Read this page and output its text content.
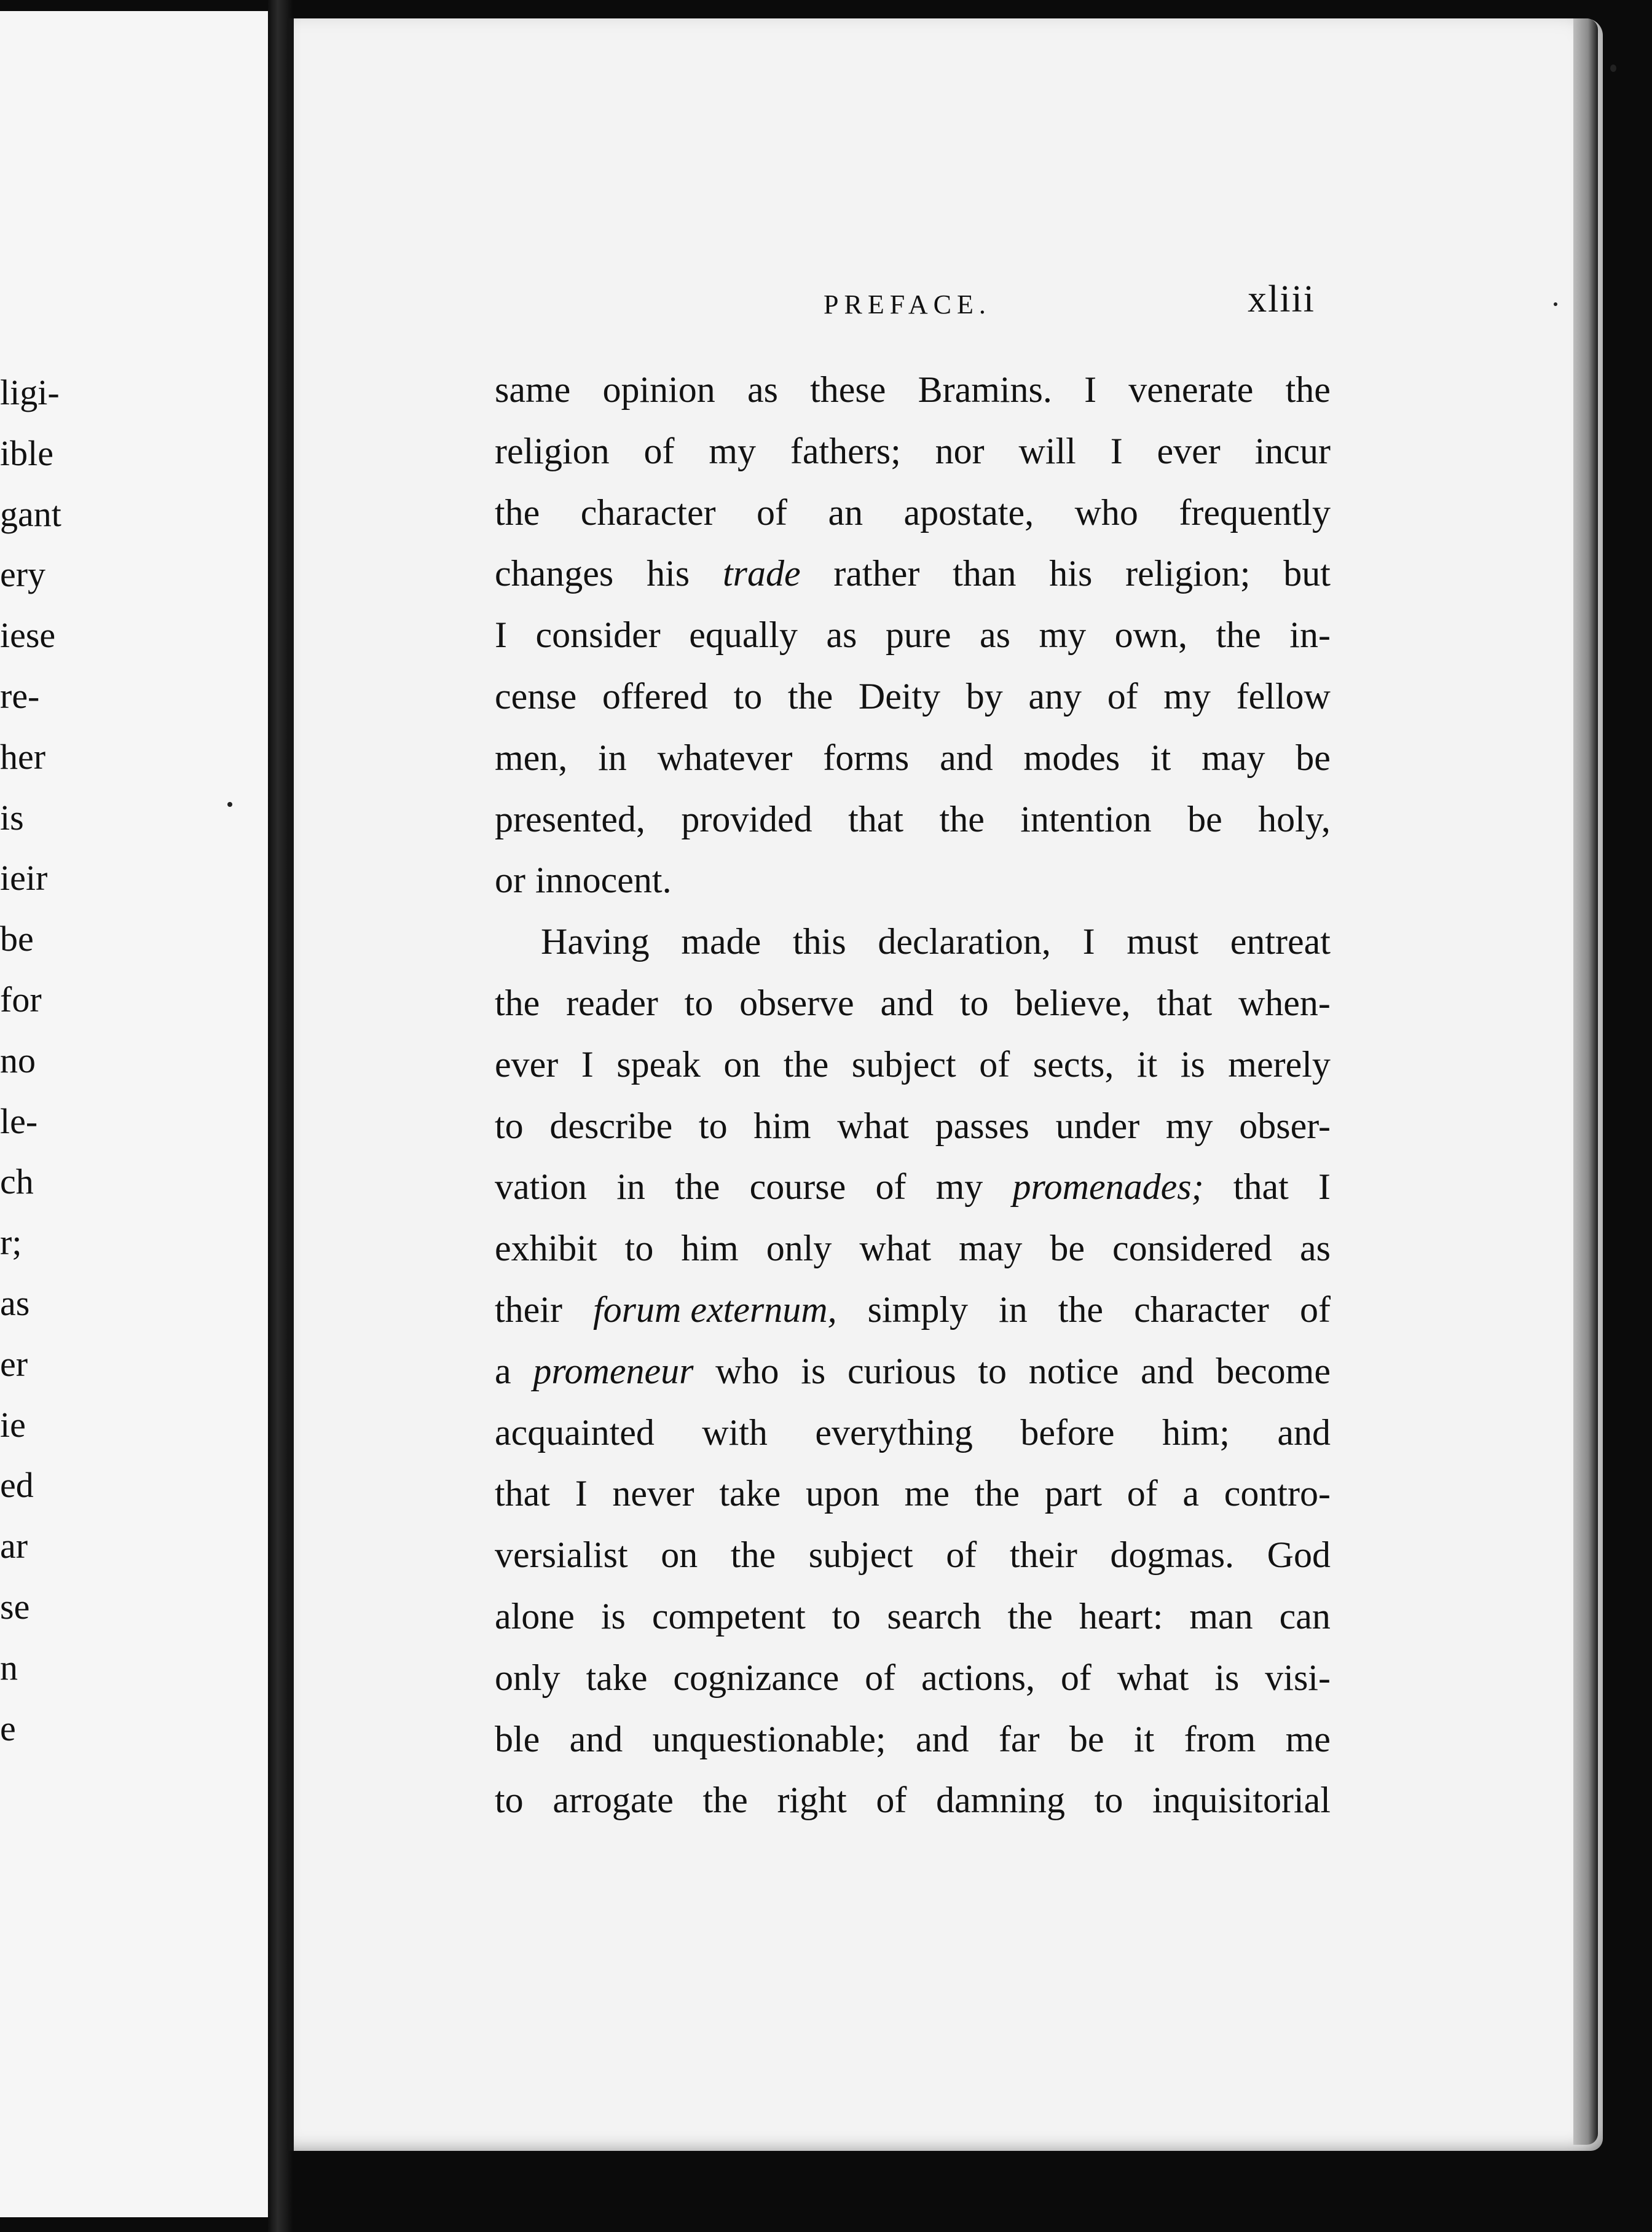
ligi-
ible
gant
ery
iese
re-
her
is
ieir
be
for
no
le-
ch
r;
as
er
ie
ed
ar
se
n
e
PREFACE.	xliii
same opinion as these Bramins. I venerate the
religion of my fathers; nor will I ever incur
the character of an apostate, who frequently
changes his trade rather than his religion; but
I consider equally as pure as my own, the in-
cense offered to the Deity by any of my fellow
men, in whatever forms and modes it may be
presented, provided that the intention be holy,
or innocent.
Having made this declaration, I must entreat
the reader to observe and to believe, that when-
ever I speak on the subject of sects, it is merely
to describe to him what passes under my obser-
vation in the course of my promenades; that I
exhibit to him only what may be considered as
their forum externum, simply in the character of
a promeneur who is curious to notice and become
acquainted with everything before him; and
that I never take upon me the part of a contro-
versialist on the subject of their dogmas. God
alone is competent to search the heart: man can
only take cognizance of actions, of what is visi-
ble and unquestionable; and far be it from me
to arrogate the right of damning to inquisitorial
